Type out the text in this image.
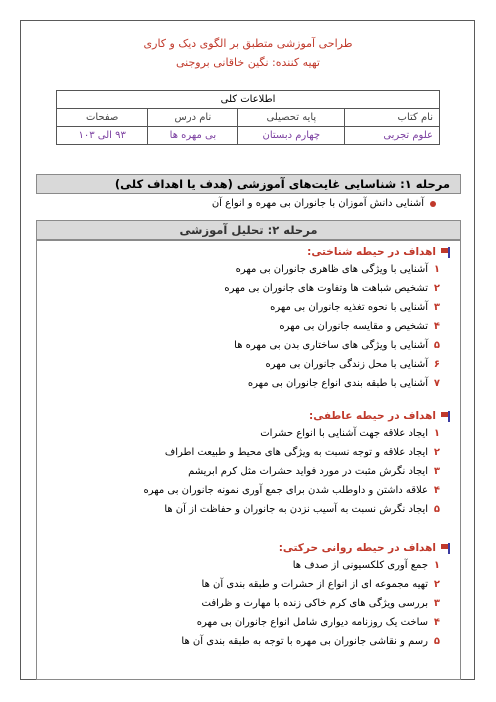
طراحی آموزشی متطبق بر الگوی دیک و کاری
تهیه کننده: نگین خاقانی بروجنی
اطلاعات کلی			
نام کتاب	پایه تحصیلی	نام درس	صفحات
علوم تجربی	چهارم دبستان	بی مهره ها	۹۳ الی ۱۰۳
مرحله ۱: شناسایی غایت‌های آموزشی (هدف یا اهداف کلی)
آشنایی دانش آموزان با جانوران بی مهره و انواع آن
مرحله ۲: تحلیل آموزشی
اهداف در حیطه شناختی:
۱
آشنایی با ویژگی های ظاهری جانوران بی مهره
۲
تشخیص شباهت ها وتفاوت های جانوران بی مهره
۳
آشنایی با نحوه تغذیه جانوران بی مهره
۴
تشخیص و مقایسه جانوران بی مهره
۵
آشنایی با ویژگی های ساختاری بدن بی مهره ها
۶
آشنایی با محل زندگی جانوران بی مهره
۷
آشنایی با طبقه بندی انواع جانوران بی مهره
اهداف در حیطه عاطفی:
۱
ایجاد علاقه جهت آشنایی با انواع حشرات
۲
ایجاد علاقه و توجه نسبت به ویژگی های محیط و طبیعت اطراف
۳
ایجاد نگرش مثبت در مورد فواید حشرات مثل کرم ابریشم
۴
علاقه داشتن و داوطلب شدن برای جمع آوری نمونه جانوران بی مهره
۵
ایجاد نگرش نسبت به آسیب نزدن به جانوران و حفاظت از آن ها
اهداف در حیطه روانی حرکتی:
۱
جمع آوری کلکسیونی از صدف ها
۲
تهیه مجموعه ای از انواع از حشرات و طبقه بندی آن ها
۳
بررسی ویژگی های کرم خاکی زنده با مهارت و ظرافت
۴
ساخت یک روزنامه دیواری شامل انواع جانوران بی مهره
۵
رسم و نقاشی جانوران بی مهره با توجه به طبقه بندی آن ها
